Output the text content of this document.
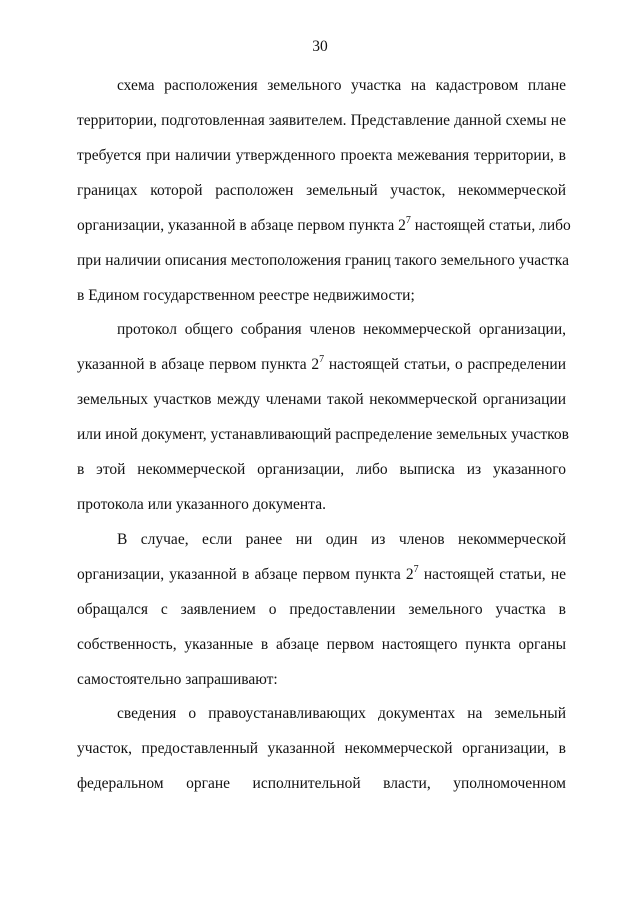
30
схема расположения земельного участка на кадастровом плане
территории, подготовленная заявителем. Представление данной схемы не
требуется при наличии утвержденного проекта межевания территории, в
границах которой расположен земельный участок, некоммерческой
организации, указанной в абзаце первом пункта $2^7$ настоящей статьи, либо
при наличии описания местоположения границ такого земельного участка
в Едином государственном реестре недвижимости;
протокол общего собрания членов некоммерческой организации,
указанной в абзаце первом пункта $2^7$ настоящей статьи, о распределении
земельных участков между членами такой некоммерческой организации
или иной документ, устанавливающий распределение земельных участков
в этой некоммерческой организации, либо выписка из указанного
протокола или указанного документа.
В случае, если ранее ни один из членов некоммерческой
организации, указанной в абзаце первом пункта $2^7$ настоящей статьи, не
обращался с заявлением о предоставлении земельного участка в
собственность, указанные в абзаце первом настоящего пункта органы
самостоятельно запрашивают:
сведения о правоустанавливающих документах на земельный
участок, предоставленный указанной некоммерческой организации, в
федеральном органе исполнительной власти, уполномоченном
